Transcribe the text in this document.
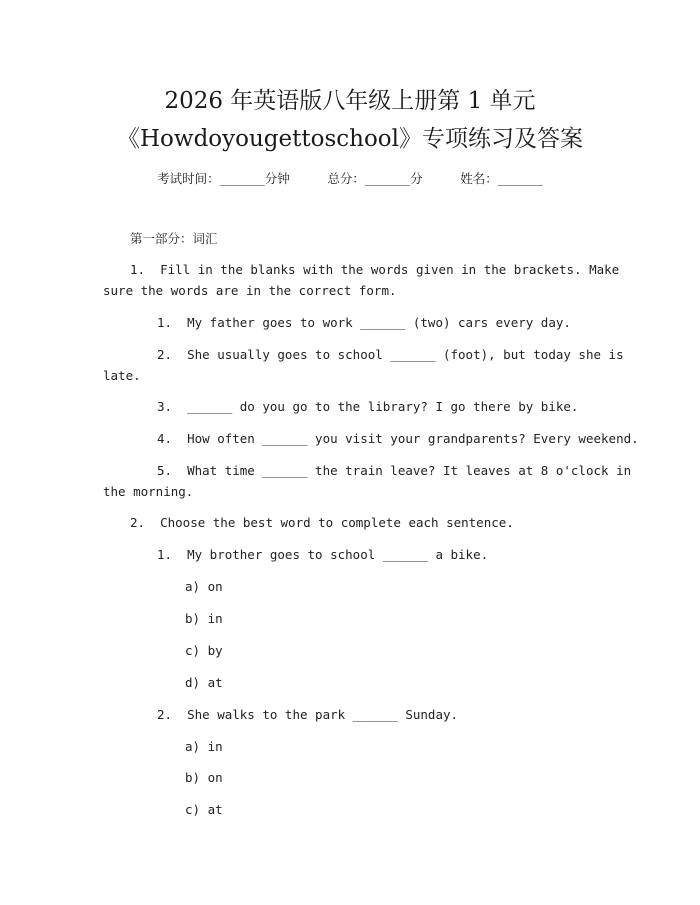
2026 年英语版八年级上册第 1 单元
《Howdoyougettoschool》专项练习及答案
考试时间：______分钟     总分：______分     姓名：______
第一部分：词汇
1.  Fill in the blanks with the words given in the brackets. Make
sure the words are in the correct form.
1.  My father goes to work ______ (two) cars every day.
2.  She usually goes to school ______ (foot), but today she is
late.
3.  ______ do you go to the library? I go there by bike.
4.  How often ______ you visit your grandparents? Every weekend.
5.  What time ______ the train leave? It leaves at 8 o'clock in
the morning.
2.  Choose the best word to complete each sentence.
1.  My brother goes to school ______ a bike.
a) on
b) in
c) by
d) at
2.  She walks to the park ______ Sunday.
a) in
b) on
c) at
